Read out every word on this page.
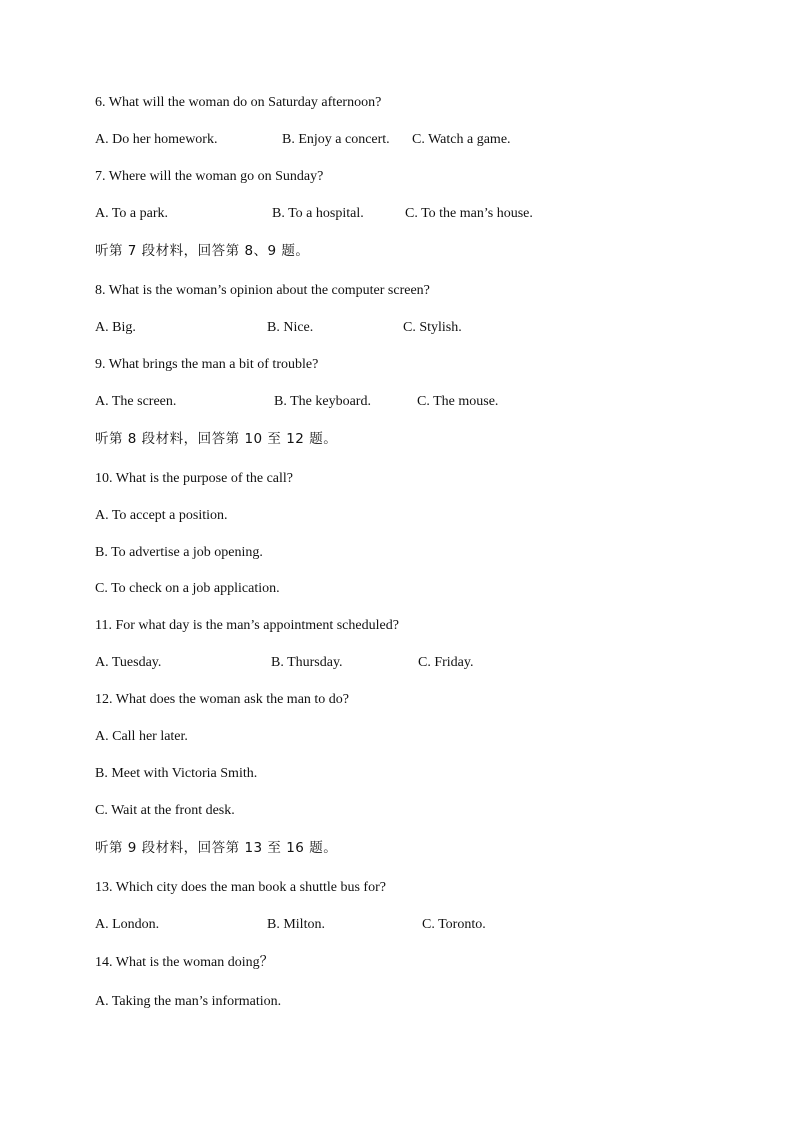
6. What will the woman do on Saturday afternoon?
A. Do her homework.	B. Enjoy a concert. C. Watch a game.
7. Where will the woman go on Sunday?
A. To a park.	B. To a hospital.	C. To the man’s house.
听第 7 段材料，回答第 8、9 题。
8. What is the woman’s opinion about the computer screen?
A. Big.	B. Nice.	C. Stylish.
9. What brings the man a bit of trouble?
A. The screen.	B. The keyboard.	C. The mouse.
听第 8 段材料，回答第 10 至 12 题。
10. What is the purpose of the call?
A. To accept a position.
B. To advertise a job opening.
C. To check on a job application.
11. For what day is the man’s appointment scheduled?
A. Tuesday.	B. Thursday.	C. Friday.
12. What does the woman ask the man to do?
A. Call her later.
B. Meet with Victoria Smith.
C. Wait at the front desk.
听第 9 段材料，回答第 13 至 16 题。
13. Which city does the man book a shuttle bus for?
A. London.	B. Milton.	C. Toronto.
14. What is the woman doing？
A. Taking the man’s information.
